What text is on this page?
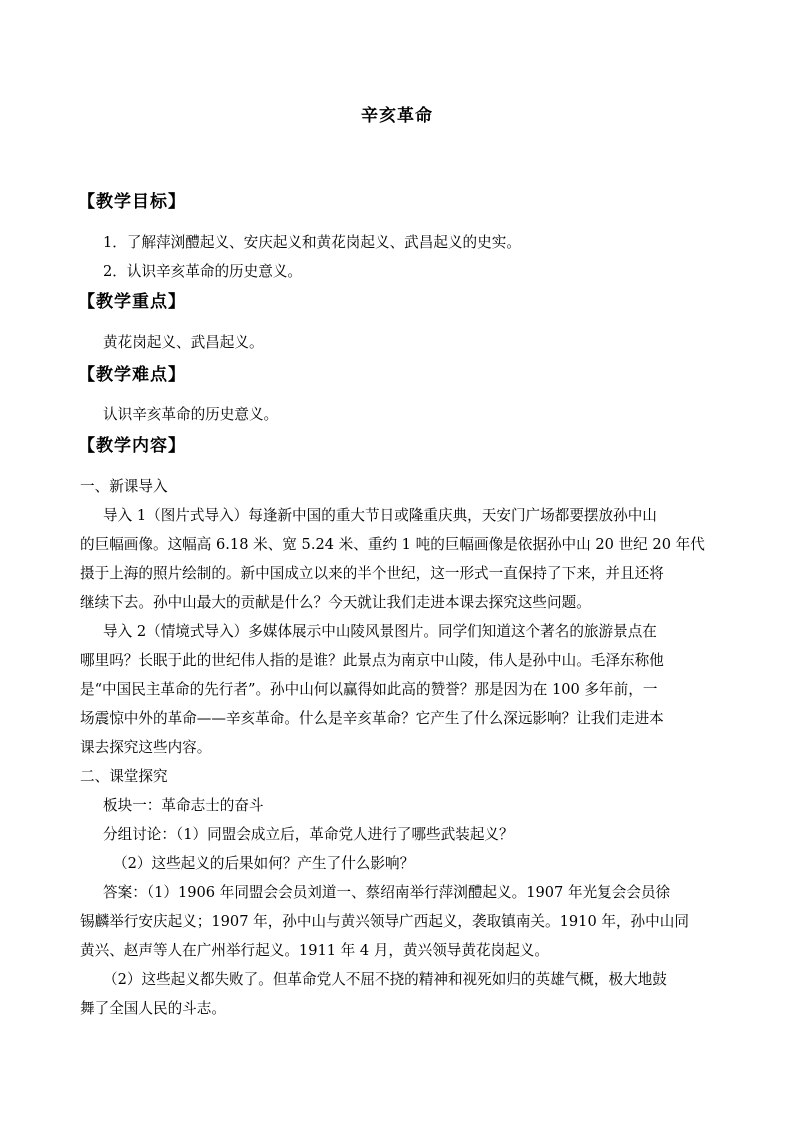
辛亥革命
【教学目标】
1．了解萍浏醴起义、安庆起义和黄花岗起义、武昌起义的史实。
2．认识辛亥革命的历史意义。
【教学重点】
黄花岗起义、武昌起义。
【教学难点】
认识辛亥革命的历史意义。
【教学内容】
一、新课导入
导入 1（图片式导入）每逢新中国的重大节日或隆重庆典，天安门广场都要摆放孙中山
的巨幅画像。这幅高 6.18 米、宽 5.24 米、重约 1 吨的巨幅画像是依据孙中山 20 世纪 20 年代
摄于上海的照片绘制的。新中国成立以来的半个世纪，这一形式一直保持了下来，并且还将
继续下去。孙中山最大的贡献是什么？今天就让我们走进本课去探究这些问题。
导入 2（情境式导入）多媒体展示中山陵风景图片。同学们知道这个著名的旅游景点在
哪里吗？长眠于此的世纪伟人指的是谁？此景点为南京中山陵，伟人是孙中山。毛泽东称他
是“中国民主革命的先行者”。孙中山何以赢得如此高的赞誉？那是因为在 100 多年前，一
场震惊中外的革命——辛亥革命。什么是辛亥革命？它产生了什么深远影响？让我们走进本
课去探究这些内容。
二、课堂探究
板块一：革命志士的奋斗
分组讨论：（1）同盟会成立后，革命党人进行了哪些武装起义？
（2）这些起义的后果如何？产生了什么影响？
答案：（1）1906 年同盟会会员刘道一、蔡绍南举行萍浏醴起义。1907 年光复会会员徐
锡麟举行安庆起义；1907 年，孙中山与黄兴领导广西起义，袭取镇南关。1910 年，孙中山同
黄兴、赵声等人在广州举行起义。1911 年 4 月，黄兴领导黄花岗起义。
（2）这些起义都失败了。但革命党人不屈不挠的精神和视死如归的英雄气概，极大地鼓
舞了全国人民的斗志。
